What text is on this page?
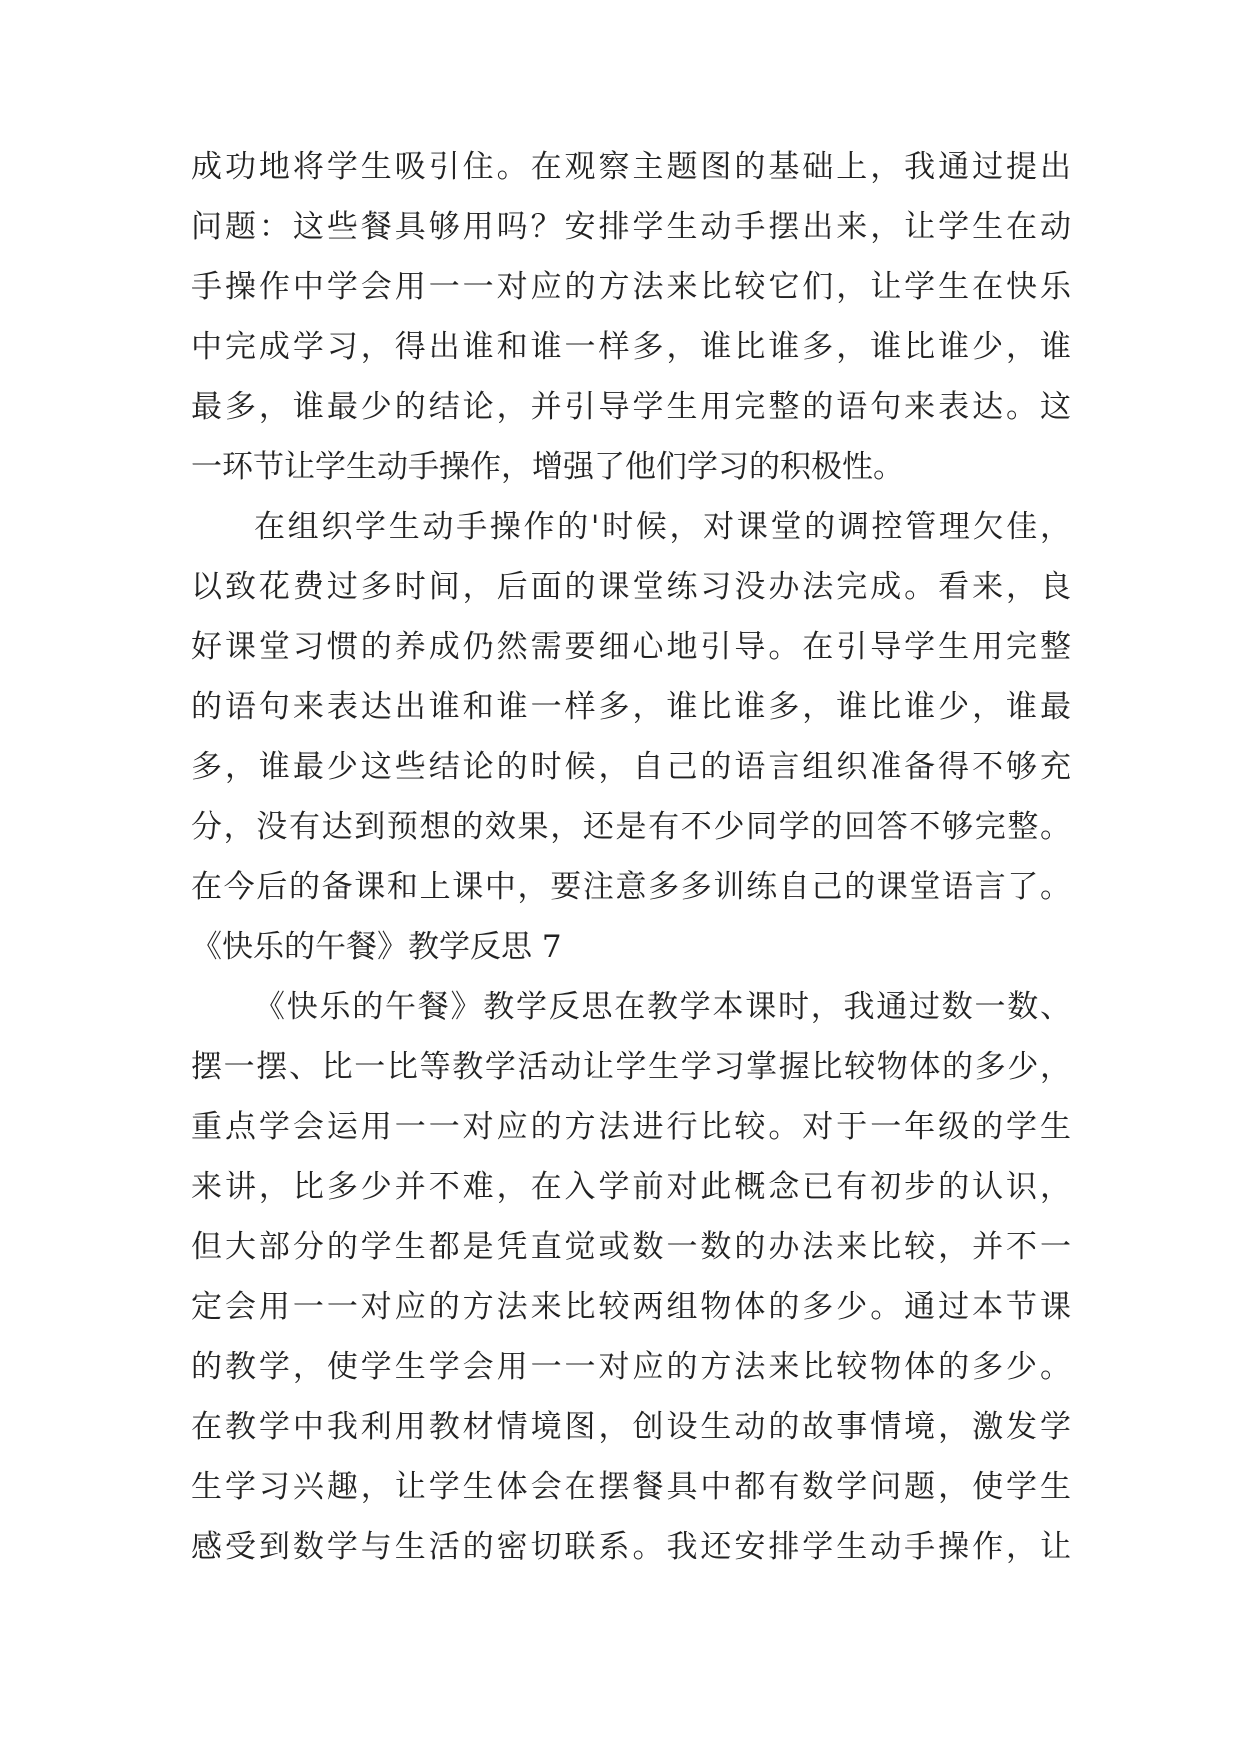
成功地将学生吸引住。在观察主题图的基础上，我通过提出
问题：这些餐具够用吗？安排学生动手摆出来，让学生在动
手操作中学会用一一对应的方法来比较它们，让学生在快乐
中完成学习，得出谁和谁一样多，谁比谁多，谁比谁少，谁
最多，谁最少的结论，并引导学生用完整的语句来表达。这
一环节让学生动手操作，增强了他们学习的积极性。
在组织学生动手操作的'时候，对课堂的调控管理欠佳，
以致花费过多时间，后面的课堂练习没办法完成。看来，良
好课堂习惯的养成仍然需要细心地引导。在引导学生用完整
的语句来表达出谁和谁一样多，谁比谁多，谁比谁少，谁最
多，谁最少这些结论的时候，自己的语言组织准备得不够充
分，没有达到预想的效果，还是有不少同学的回答不够完整。
在今后的备课和上课中，要注意多多训练自己的课堂语言了。
《快乐的午餐》教学反思 7
《快乐的午餐》教学反思在教学本课时，我通过数一数、
摆一摆、比一比等教学活动让学生学习掌握比较物体的多少，
重点学会运用一一对应的方法进行比较。对于一年级的学生
来讲，比多少并不难，在入学前对此概念已有初步的认识，
但大部分的学生都是凭直觉或数一数的办法来比较，并不一
定会用一一对应的方法来比较两组物体的多少。通过本节课
的教学，使学生学会用一一对应的方法来比较物体的多少。
在教学中我利用教材情境图，创设生动的故事情境，激发学
生学习兴趣，让学生体会在摆餐具中都有数学问题，使学生
感受到数学与生活的密切联系。我还安排学生动手操作，让
